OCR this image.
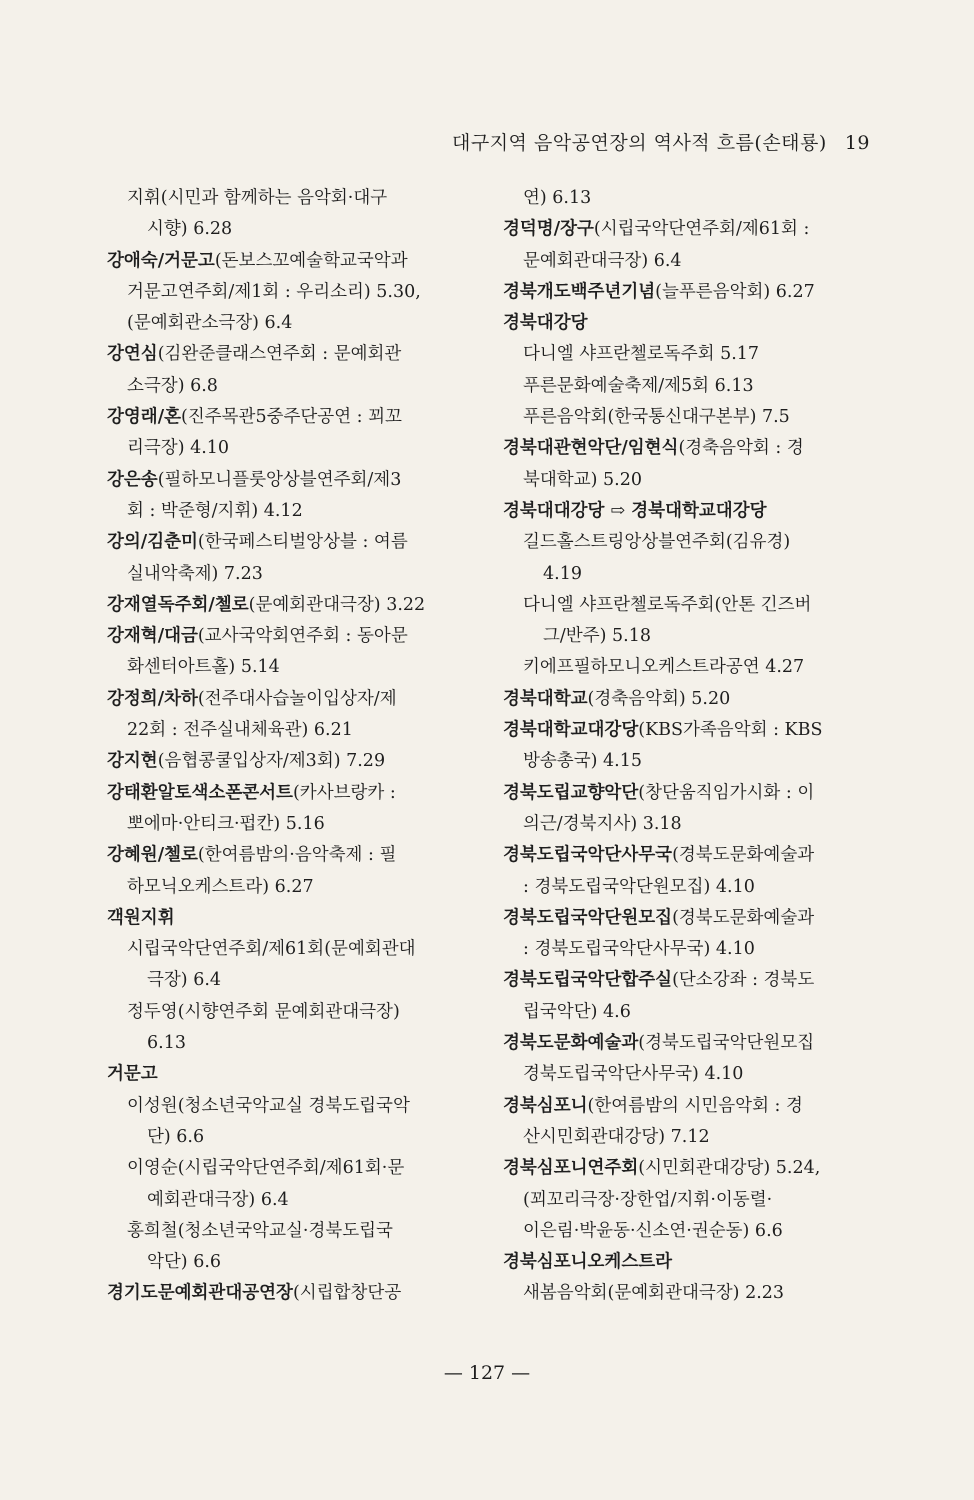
대구지역 음악공연장의 역사적 흐름(손태룡) 19
지휘(시민과 함께하는 음악회·대구
시향) 6.28
강애숙/거문고(돈보스꼬예술학교국악과
거문고연주회/제1회 : 우리소리) 5.30,
(문예회관소극장) 6.4
강연심(김완준클래스연주회 : 문예회관
소극장) 6.8
강영래/혼(진주목관5중주단공연 : 꾀꼬
리극장) 4.10
강은송(필하모니플룻앙상블연주회/제3
회 : 박준형/지휘) 4.12
강의/김춘미(한국페스티벌앙상블 : 여름
실내악축제) 7.23
강재열독주회/첼로(문예회관대극장) 3.22
강재혁/대금(교사국악회연주회 : 동아문
화센터아트홀) 5.14
강정희/차하(전주대사습놀이입상자/제
22회 : 전주실내체육관) 6.21
강지현(음협콩쿨입상자/제3회) 7.29
강태환알토색소폰콘서트(카사브랑카 :
뽀에마·안티크·펍칸) 5.16
강혜원/첼로(한여름밤의·음악축제 : 필
하모닉오케스트라) 6.27
객원지휘
시립국악단연주회/제61회(문예회관대
극장) 6.4
정두영(시향연주회 문예회관대극장)
6.13
거문고
이성원(청소년국악교실 경북도립국악
단) 6.6
이영순(시립국악단연주회/제61회·문
예회관대극장) 6.4
홍희철(청소년국악교실·경북도립국
악단) 6.6
경기도문예회관대공연장(시립합창단공
연) 6.13
경덕명/장구(시립국악단연주회/제61회 :
문예회관대극장) 6.4
경북개도백주년기념(늘푸른음악회) 6.27
경북대강당
다니엘 샤프란첼로독주회 5.17
푸른문화예술축제/제5회 6.13
푸른음악회(한국통신대구본부) 7.5
경북대관현악단/임현식(경축음악회 : 경
북대학교) 5.20
경북대대강당 ⇨ 경북대학교대강당
길드홀스트링앙상블연주회(김유경)
4.19
다니엘 샤프란첼로독주회(안톤 긴즈버
그/반주) 5.18
키에프필하모니오케스트라공연 4.27
경북대학교(경축음악회) 5.20
경북대학교대강당(KBS가족음악회 : KBS
방송총국) 4.15
경북도립교향악단(창단움직임가시화 : 이
의근/경북지사) 3.18
경북도립국악단사무국(경북도문화예술과
: 경북도립국악단원모집) 4.10
경북도립국악단원모집(경북도문화예술과
: 경북도립국악단사무국) 4.10
경북도립국악단합주실(단소강좌 : 경북도
립국악단) 4.6
경북도문화예술과(경북도립국악단원모집
경북도립국악단사무국) 4.10
경북심포니(한여름밤의 시민음악회 : 경
산시민회관대강당) 7.12
경북심포니연주회(시민회관대강당) 5.24,
(꾀꼬리극장·장한업/지휘·이동렬·
이은림·박윤동·신소연·권순동) 6.6
경북심포니오케스트라
새봄음악회(문예회관대극장) 2.23
— 127 —
